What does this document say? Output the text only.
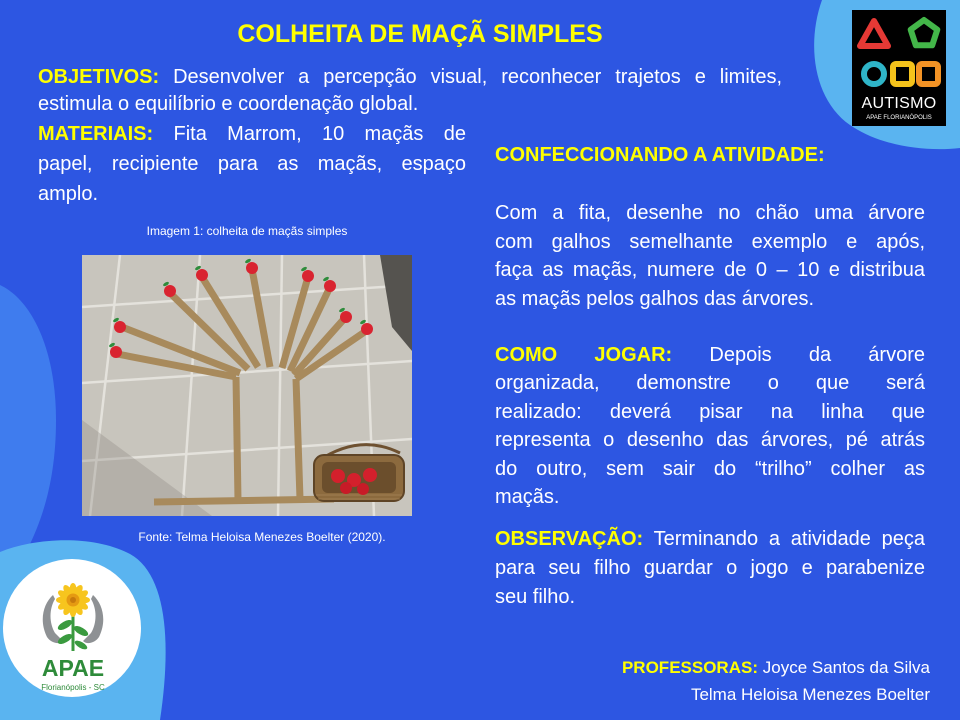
COLHEITA DE MAÇÃ SIMPLES
OBJETIVOS: Desenvolver a percepção visual, reconhecer trajetos e limites,
estimula o equilíbrio e coordenação global.
MATERIAIS: Fita Marrom, 10 maçãs de
papel, recipiente para as maçãs, espaço
amplo.
Imagem 1: colheita de maçãs simples
Fonte: Telma Heloisa Menezes Boelter (2020).
CONFECCIONANDO A ATIVIDADE:
Com a fita, desenhe no chão uma árvore
com galhos semelhante exemplo e após,
faça as maçãs, numere de 0 – 10 e distribua
as maçãs pelos galhos das árvores.
COMO JOGAR: Depois da árvore
organizada, demonstre o que será
realizado: deverá pisar na linha que
representa o desenho das árvores, pé atrás
do outro, sem sair do “trilho” colher as
maçãs.
OBSERVAÇÃO: Terminando a atividade peça
para seu filho guardar o jogo e parabenize
seu filho.
PROFESSORAS: Joyce Santos da Silva
Telma Heloisa Menezes Boelter
AUTISMO
APAE FLORIANÓPOLIS
APAE
Florianópolis - SC
